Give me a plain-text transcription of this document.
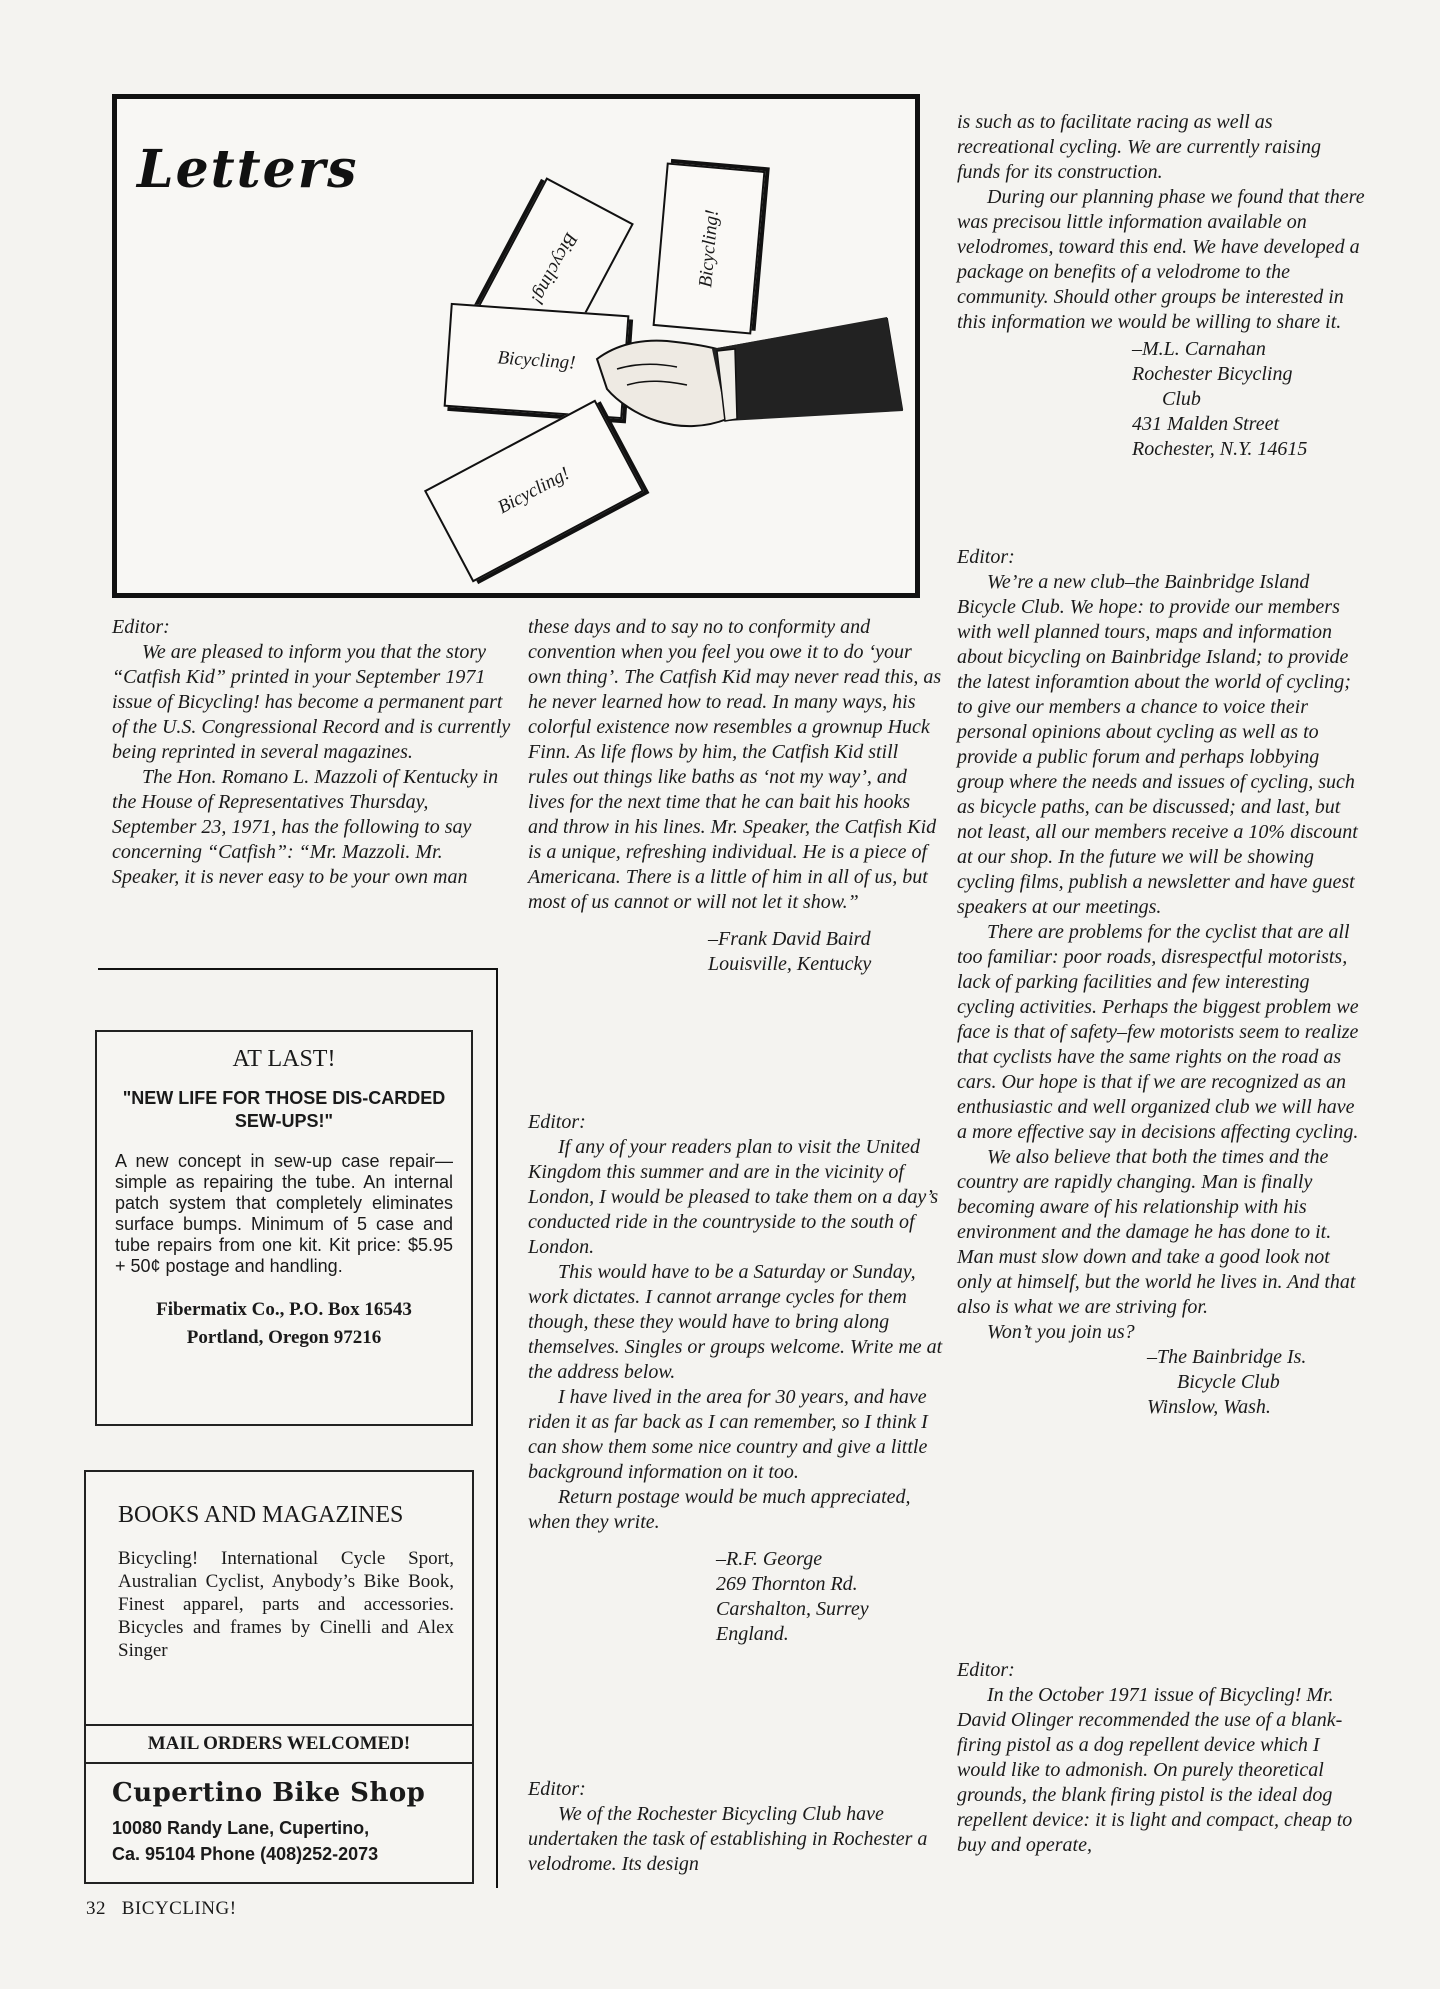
Letters
Bicycling!	Bicycling!
Bicycling!
Bicycling!

Editor:

We are pleased to inform you that the story “Catfish Kid” printed in your September 1971 issue of Bicycling! has become a permanent part of the U.S. Congressional Record and is currently being reprinted in several magazines.

The Hon. Romano L. Mazzoli of Kentucky in the House of Representatives Thursday, September 23, 1971, has the following to say concerning “Catfish”: “Mr. Mazzoli. Mr. Speaker, it is never easy to be your own man

AT LAST!
"NEW LIFE FOR THOSE DIS-CARDED SEW-UPS!"
A new concept in sew-up case repair—simple as repairing the tube. An internal patch system that completely eliminates surface bumps. Minimum of 5 case and tube repairs from one kit. Kit price: $5.95 + 50¢ postage and handling.
Fibermatix Co., P.O. Box 16543
Portland, Oregon 97216
BOOKS AND MAGAZINES
Bicycling! International Cycle Sport, Australian Cyclist, Anybody’s Bike Book, Finest apparel, parts and accessories. Bicycles and frames by Cinelli and Alex Singer
MAIL ORDERS WELCOMED!
Cupertino Bike Shop
10080 Randy Lane, Cupertino,
Ca. 95104 Phone (408)252-2073

these days and to say no to conformity and convention when you feel you owe it to do ‘your own thing’. The Catfish Kid may never read this, as he never learned how to read. In many ways, his colorful existence now resembles a grownup Huck Finn. As life flows by him, the Catfish Kid still rules out things like baths as ‘not my way’, and lives for the next time that he can bait his hooks and throw in his lines. Mr. Speaker, the Catfish Kid is a unique, refreshing individual. He is a piece of Americana. There is a little of him in all of us, but most of us cannot or will not let it show.”

–Frank David Baird
Louisville, Kentucky

Editor:

If any of your readers plan to visit the United Kingdom this summer and are in the vicinity of London, I would be pleased to take them on a day’s conducted ride in the countryside to the south of London.

This would have to be a Saturday or Sunday, work dictates. I cannot arrange cycles for them though, these they would have to bring along themselves. Singles or groups welcome. Write me at the address below.

I have lived in the area for 30 years, and have riden it as far back as I can remember, so I think I can show them some nice country and give a little background information on it too.

Return postage would be much appreciated, when they write.

–R.F. George
269 Thornton Rd.
Carshalton, Surrey
England.

Editor:

We of the Rochester Bicycling Club have undertaken the task of establishing in Rochester a velodrome. Its design

is such as to facilitate racing as well as recreational cycling. We are currently raising funds for its construction.

During our planning phase we found that there was precisou little information available on velodromes, toward this end. We have developed a package on benefits of a velodrome to the community. Should other groups be interested in this information we would be willing to share it.

–M.L. Carnahan
Rochester Bicycling
Club
431 Malden Street
Rochester, N.Y. 14615

Editor:

We’re a new club–the Bainbridge Island Bicycle Club. We hope: to provide our members with well planned tours, maps and information about bicycling on Bainbridge Island; to provide the latest inforamtion about the world of cycling; to give our members a chance to voice their personal opinions about cycling as well as to provide a public forum and perhaps lobbying group where the needs and issues of cycling, such as bicycle paths, can be discussed; and last, but not least, all our members receive a 10% discount at our shop. In the future we will be showing cycling films, publish a newsletter and have guest speakers at our meetings.

There are problems for the cyclist that are all too familiar: poor roads, disrespectful motorists, lack of parking facilities and few interesting cycling activities. Perhaps the biggest problem we face is that of safety–few motorists seem to realize that cyclists have the same rights on the road as cars. Our hope is that if we are recognized as an enthusiastic and well organized club we will have a more effective say in decisions affecting cycling.

We also believe that both the times and the country are rapidly changing. Man is finally becoming aware of his relationship with his environment and the damage he has done to it. Man must slow down and take a good look not only at himself, but the world he lives in. And that also is what we are striving for.

Won’t you join us?

–The Bainbridge Is.
Bicycle Club
Winslow, Wash.

Editor:

In the October 1971 issue of Bicycling! Mr. David Olinger recommended the use of a blank-firing pistol as a dog repellent device which I would like to admonish. On purely theoretical grounds, the blank firing pistol is the ideal dog repellent device: it is light and compact, cheap to buy and operate,

32 BICYCLING!
